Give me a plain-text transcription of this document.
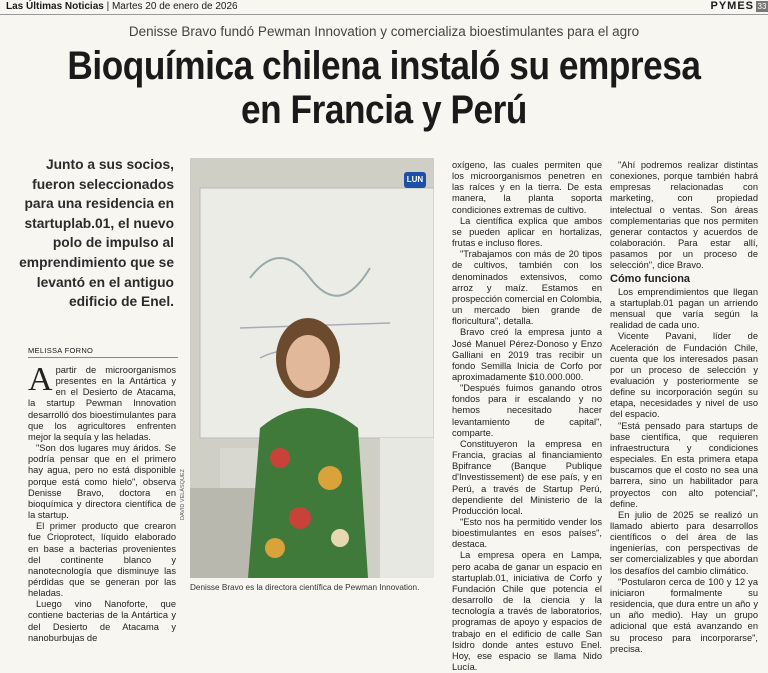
Las Últimas Noticias | Martes 20 de enero de 2026	PYMES 33
Denisse Bravo fundó Pewman Innovation y comercializa bioestimulantes para el agro
Bioquímica chilena instaló su empresa en Francia y Perú
Junto a sus socios, fueron seleccionados para una residencia en startuplab.01, el nuevo polo de impulso al emprendimiento que se levantó en el antiguo edificio de Enel.
MELISSA FORNO

Apartir de microorganismos presentes en la Antártica y en el Desierto de Atacama, la startup Pewman Innovation desarrolló dos bioestimulantes para que los agricultores enfrenten mejor la sequía y las heladas.

"Son dos lugares muy áridos. Se podría pensar que en el primero hay agua, pero no está disponible porque está como hielo", observa Denisse Bravo, doctora en bioquímica y directora científica de la startup.

El primer producto que crearon fue Crioprotect, líquido elaborado en base a bacterias provenientes del continente blanco y nanotecnología que disminuye las pérdidas que se generan por las heladas.

Luego vino Nanoforte, que contiene bacterias de la Antártica y del Desierto de Atacama y nanoburbujas de

LUN
DAVID VELÁSQUEZ
Denisse Bravo es la directora científica de Pewman Innovation.

oxígeno, las cuales permiten que los microorganismos penetren en las raíces y en la tierra. De esta manera, la planta soporta condiciones extremas de cultivo.

La científica explica que ambos se pueden aplicar en hortalizas, frutas e incluso flores.

"Trabajamos con más de 20 tipos de cultivos, también con los denominados extensivos, como arroz y maíz. Estamos en prospección comercial en Colombia, un mercado bien grande de floricultura", detalla.

Bravo creó la empresa junto a José Manuel Pérez-Donoso y Enzo Galliani en 2019 tras recibir un fondo Semilla Inicia de Corfo por aproximadamente $10.000.000.

"Después fuimos ganando otros fondos para ir escalando y no hemos necesitado hacer levantamiento de capital", comparte.

Constituyeron la empresa en Francia, gracias al financiamiento Bpifrance (Banque Publique d'Investissement) de ese país, y en Perú, a través de Startup Perú, dependiente del Ministerio de la Producción local.

"Esto nos ha permitido vender los bioestimulantes en esos países", destaca.

La empresa opera en Lampa, pero acaba de ganar un espacio en startuplab.01, iniciativa de Corfo y Fundación Chile que potencia el desarrollo de la ciencia y la tecnología a través de laboratorios, programas de apoyo y espacios de trabajo en el edificio de calle San Isidro donde antes estuvo Enel. Hoy, ese espacio se llama Nido Lucía.

"Ahí podremos realizar distintas conexiones, porque también habrá empresas relacionadas con marketing, con propiedad intelectual o ventas. Son áreas complementarias que nos permiten generar contactos y acuerdos de colaboración. Para estar allí, pasamos por un proceso de selección", dice Bravo.

Cómo funciona

Los emprendimientos que llegan a startuplab.01 pagan un arriendo mensual que varía según la realidad de cada uno.

Vicente Pavani, líder de Aceleración de Fundación Chile, cuenta que los interesados pasan por un proceso de selección y evaluación y posteriormente se define su incorporación según su etapa, necesidades y nivel de uso del espacio.

"Está pensado para startups de base científica, que requieren infraestructura y condiciones especiales. En esta primera etapa buscamos que el costo no sea una barrera, sino un habilitador para proyectos con alto potencial", define.

En julio de 2025 se realizó un llamado abierto para desarrollos científicos o del área de las ingenierías, con perspectivas de ser comercializables y que abordan los desafíos del cambio climático.

"Postularon cerca de 100 y 12 ya iniciaron formalmente su residencia, que dura entre un año y un año medio). Hay un grupo adicional que está avanzando en su proceso para incorporarse", precisa.
